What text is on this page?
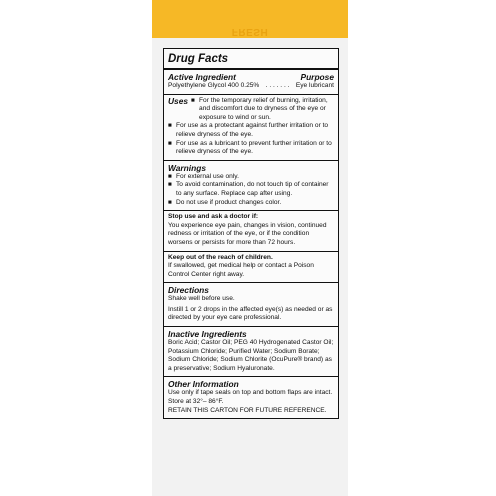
FRESH
Drug Facts
Active Ingredient	Purpose
Polyethylene Glycol 400 0.25% . . . . . . . Eye lubricant
Uses ■ For the temporary relief of burning, irritation, and discomfort due to dryness of the eye or exposure to wind or sun.
■ For use as a protectant against further irritation or to relieve dryness of the eye.
■ For use as a lubricant to prevent further irritation or to relieve dryness of the eye.
Warnings
■ For external use only.
■ To avoid contamination, do not touch tip of container to any surface. Replace cap after using.
■ Do not use if product changes color.
Stop use and ask a doctor if:

You experience eye pain, changes in vision, continued redness or irritation of the eye, or if the condition worsens or persists for more than 72 hours.

Keep out of the reach of children.

If swallowed, get medical help or contact a Poison Control Center right away.

Directions

Shake well before use.

Instill 1 or 2 drops in the affected eye(s) as needed or as directed by your eye care professional.

Inactive Ingredients

Boric Acid; Castor Oil; PEG 40 Hydrogenated Castor Oil; Potassium Chloride; Purified Water; Sodium Borate; Sodium Chloride; Sodium Chlorite (OcuPure® brand) as a preservative; Sodium Hyaluronate.

Other Information

Use only if tape seals on top and bottom flaps are intact.

Store at 32°– 86°F.

RETAIN THIS CARTON FOR FUTURE REFERENCE.
